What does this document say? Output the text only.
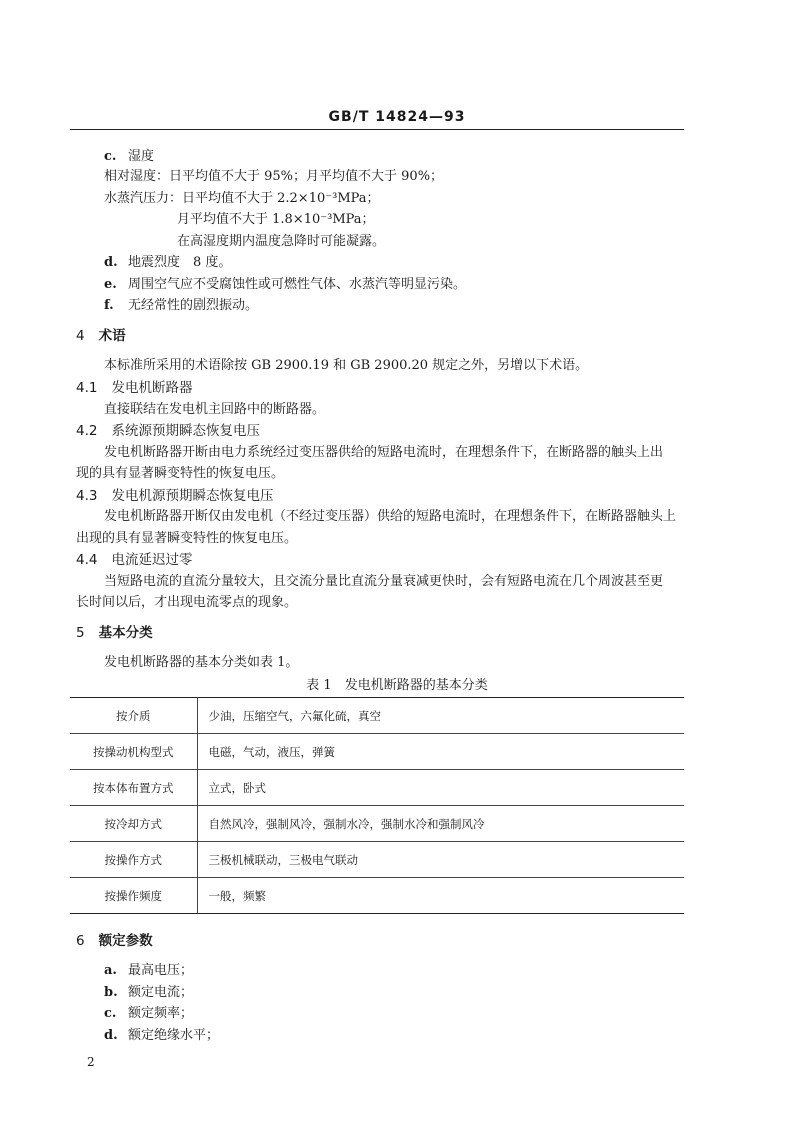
GB/T 14824—93
c. 湿度
相对湿度：日平均值不大于 95%；月平均值不大于 90%；
水蒸汽压力：日平均值不大于 2.2×10⁻³MPa；
月平均值不大于 1.8×10⁻³MPa；
在高湿度期内温度急降时可能凝露。
d. 地震烈度　8 度。
e. 周围空气应不受腐蚀性或可燃性气体、水蒸汽等明显污染。
f. 无经常性的剧烈振动。
4 术语
本标准所采用的术语除按 GB 2900.19 和 GB 2900.20 规定之外，另增以下术语。
4.1 发电机断路器
直接联结在发电机主回路中的断路器。
4.2 系统源预期瞬态恢复电压
发电机断路器开断由电力系统经过变压器供给的短路电流时，在理想条件下，在断路器的触头上出
现的具有显著瞬变特性的恢复电压。
4.3 发电机源预期瞬态恢复电压
发电机断路器开断仅由发电机（不经过变压器）供给的短路电流时，在理想条件下，在断路器触头上
出现的具有显著瞬变特性的恢复电压。
4.4 电流延迟过零
当短路电流的直流分量较大，且交流分量比直流分量衰减更快时，会有短路电流在几个周波甚至更
长时间以后，才出现电流零点的现象。
5 基本分类
发电机断路器的基本分类如表 1。
表 1　发电机断路器的基本分类
按介质	少油，压缩空气，六氟化硫，真空
按操动机构型式	电磁，气动，液压，弹簧
按本体布置方式	立式，卧式
按冷却方式	自然风冷，强制风冷，强制水冷，强制水冷和强制风冷
按操作方式	三极机械联动，三极电气联动
按操作频度	一般，频繁
6 额定参数
a. 最高电压；
b. 额定电流；
c. 额定频率；
d. 额定绝缘水平；
2
